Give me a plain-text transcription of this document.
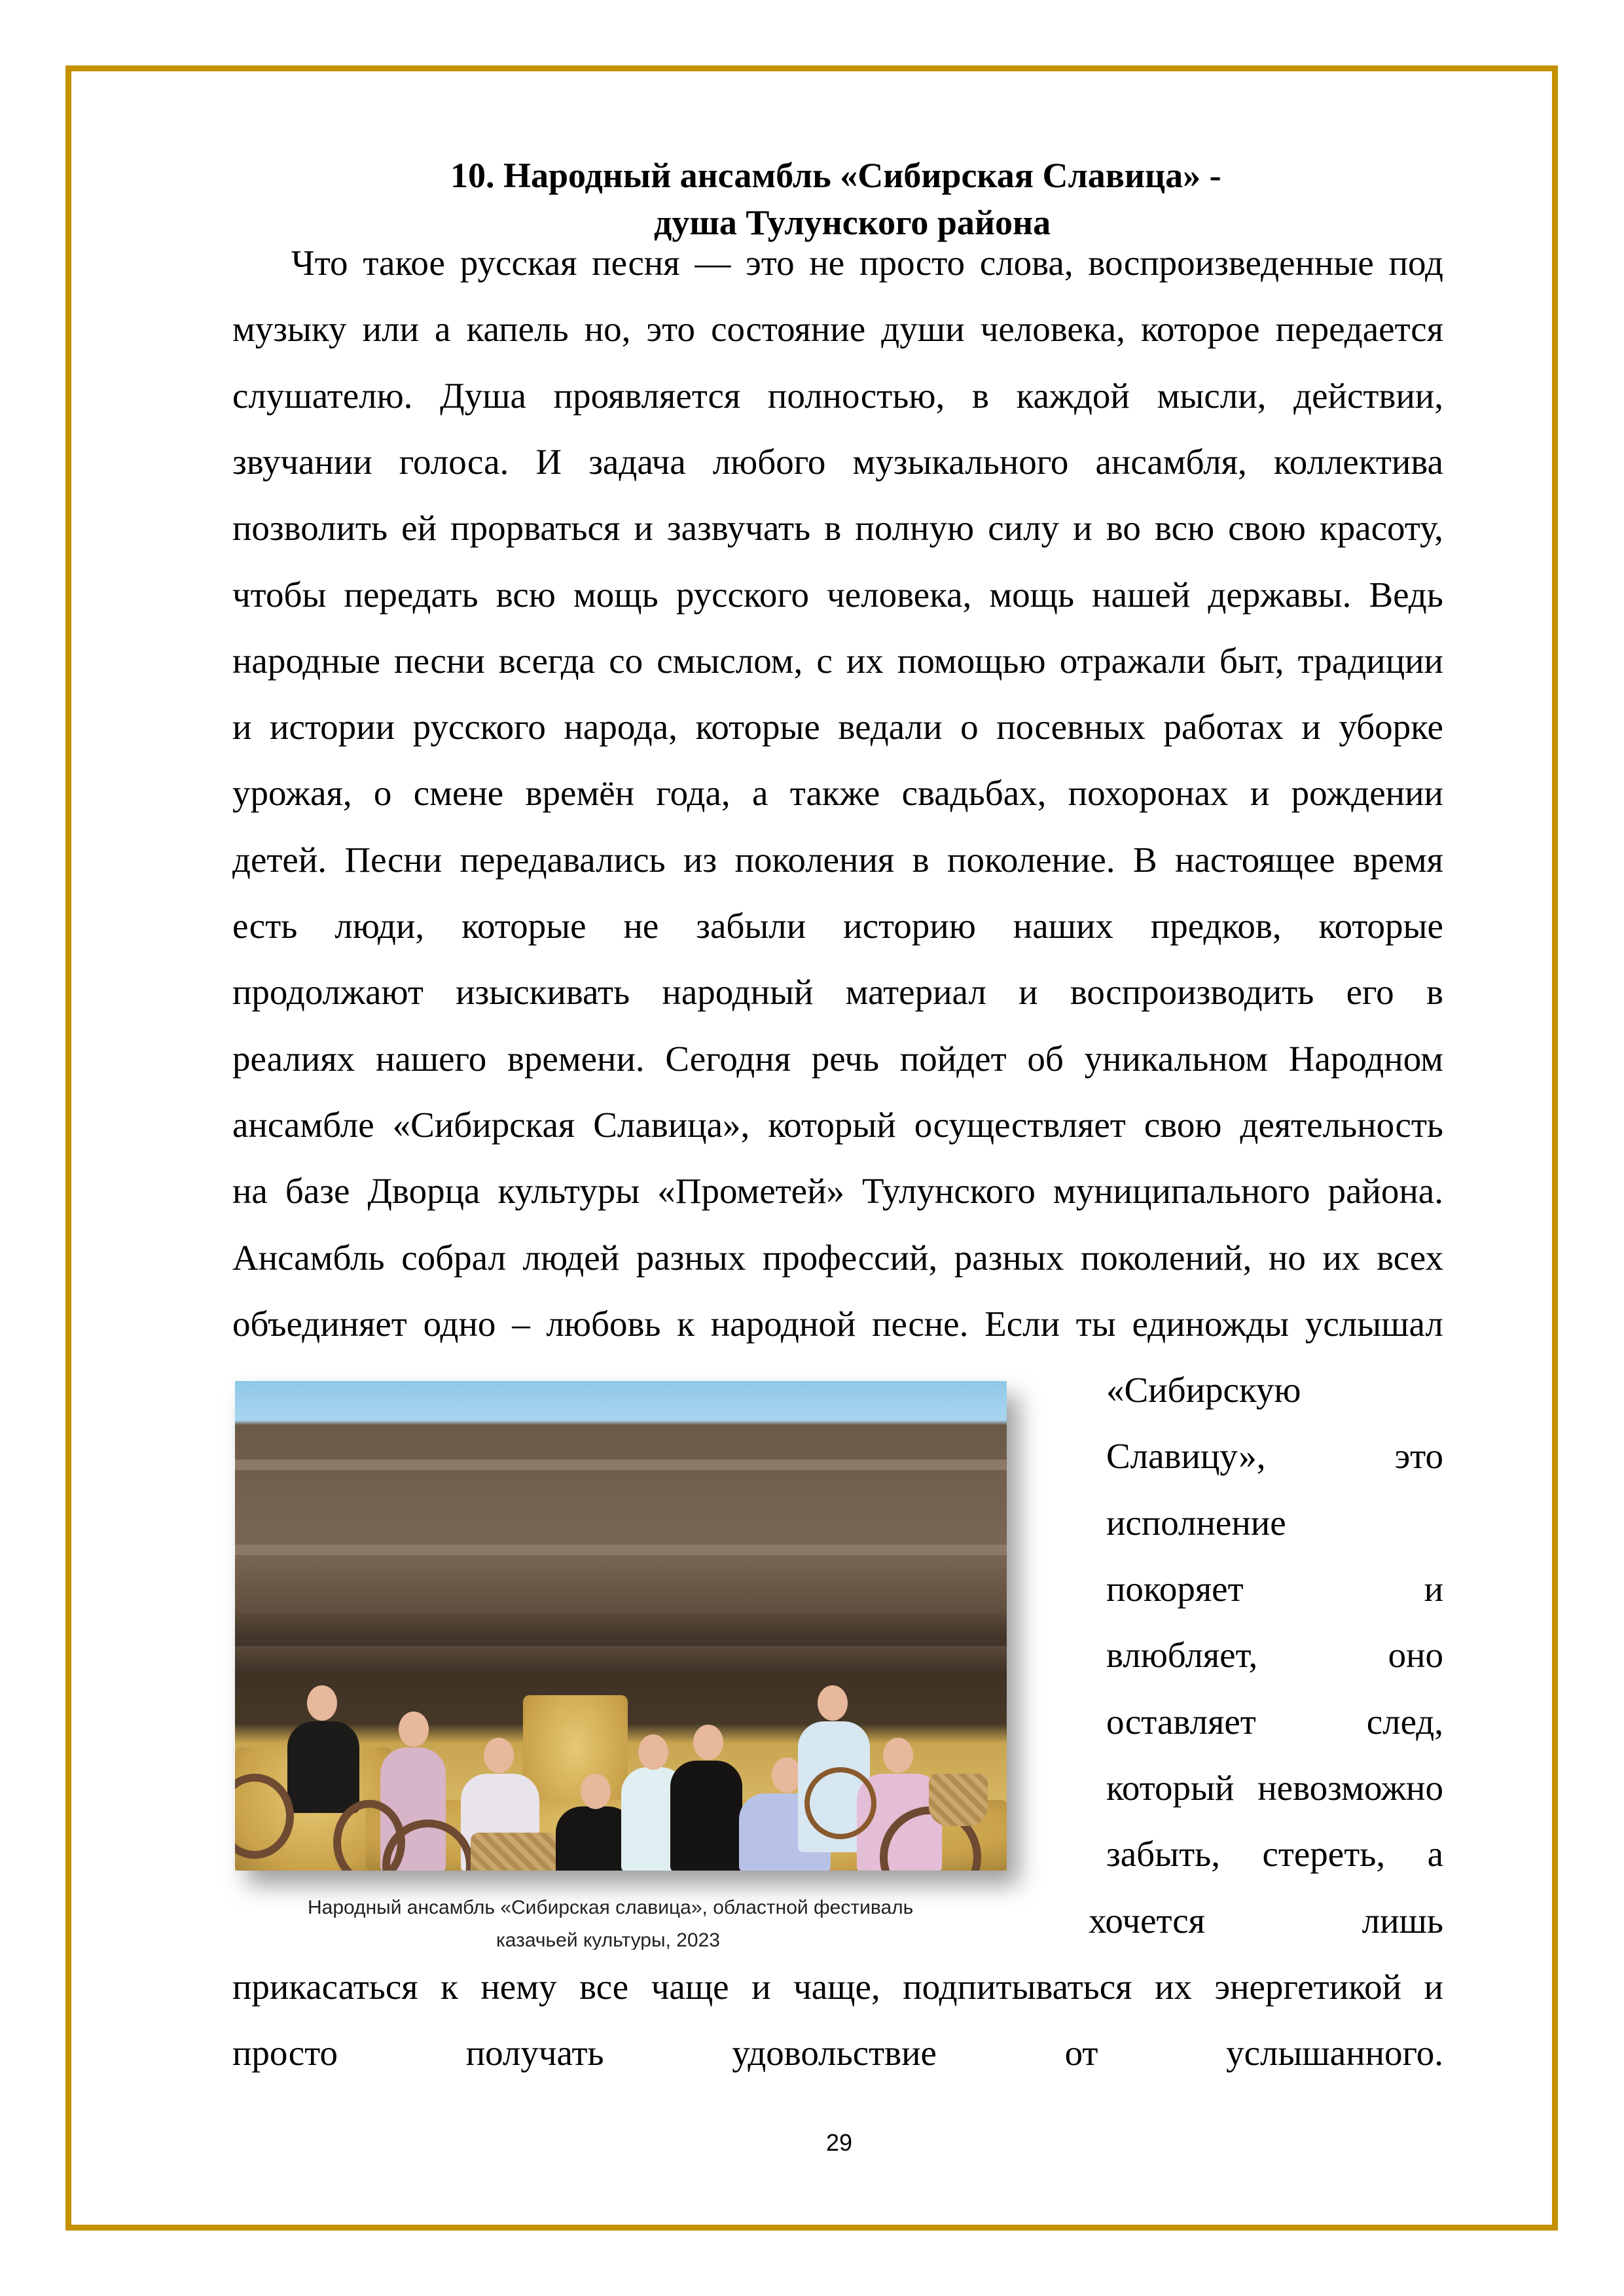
10. Народный ансамбль «Сибирская Славица» -
душа Тулунского района
Что такое русская песня — это не просто слова, воспроизведенные под
музыку или а капель но, это состояние души человека, которое передается
слушателю. Душа проявляется полностью, в каждой мысли, действии,
звучании голоса. И задача любого музыкального ансамбля, коллектива
позволить ей прорваться и зазвучать в полную силу и во всю свою красоту,
чтобы передать всю мощь русского человека, мощь нашей державы. Ведь
народные песни всегда со смыслом, с их помощью отражали быт, традиции
и истории русского народа, которые ведали о посевных работах и уборке
урожая, о смене времён года, а также свадьбах, похоронах и рождении
детей. Песни передавались из поколения в поколение. В настоящее время
есть люди, которые не забыли историю наших предков, которые
продолжают изыскивать народный материал и воспроизводить его в
реалиях нашего времени. Сегодня речь пойдет об уникальном Народном
ансамбле «Сибирская Славица», который осуществляет свою деятельность
на базе Дворца культуры «Прометей» Тулунского муниципального района.
Ансамбль собрал людей разных профессий, разных поколений, но их всех
объединяет одно – любовь к народной песне. Если ты единожды услышал
Народный ансамбль «Сибирская славица», областной фестиваль
казачьей культуры, 2023
«Сибирскую
Славицу»,	это
исполнение
покоряет	и
влюбляет,	оно
оставляет	след,
который невозможно
забыть, стереть, а
хочется	лишь
прикасаться к нему все чаще и чаще, подпитываться их энергетикой и
просто получать удовольствие от услышанного.
29
